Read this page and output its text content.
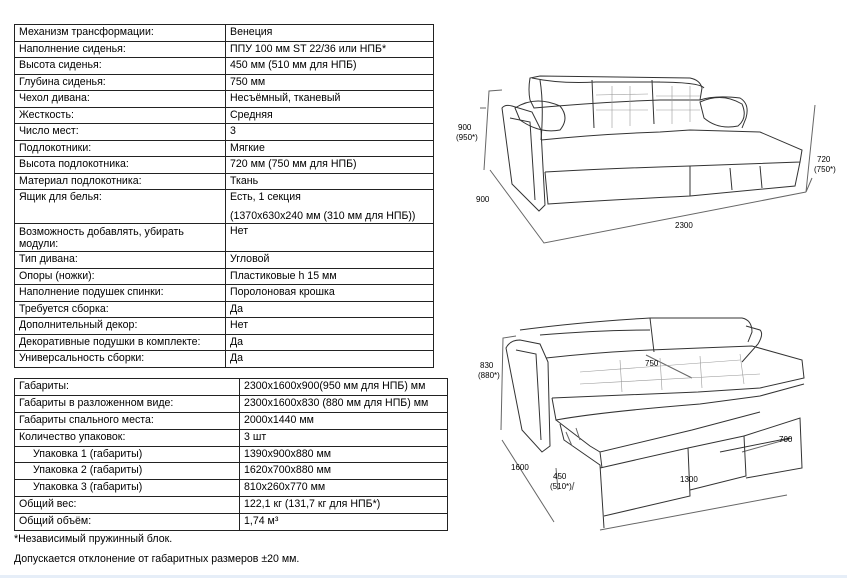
Механизм трансформации:	Венеция
Наполнение сиденья:	ППУ 100 мм ST 22/36 или НПБ*
Высота сиденья:	450 мм (510 мм для НПБ)
Глубина сиденья:	750 мм
Чехол дивана:	Несъёмный, тканевый
Жесткость:	Средняя
Число мест:	3
Подлокотники:	Мягкие
Высота подлокотника:	720 мм (750 мм для НПБ)
Материал подлокотника:	Ткань
Ящик для белья:	Есть, 1 секция
(1370х630х240 мм (310 мм для НПБ))

Возможность добавлять, убирать модули:	Нет
Тип дивана:	Угловой
Опоры (ножки):	Пластиковые h 15 мм
Наполнение подушек спинки:	Поролоновая крошка
Требуется сборка:	Да
Дополнительный декор:	Нет
Декоративные подушки в комплекте:	Да
Универсальность сборки:	Да
Габариты:	2300х1600х900(950 мм для НПБ) мм
Габариты в разложенном виде:	2300х1600х830 (880 мм для НПБ) мм
Габариты спального места:	2000х1440 мм
Количество упаковок:	3 шт
Упаковка 1 (габариты)	1390х900х880 мм
Упаковка 2 (габариты)	1620х700х880 мм
Упаковка 3 (габариты)	810х260х770 мм
Общий вес:	122,1 кг (131,7 кг для НПБ*)
Общий объём:	1,74 м³
*Независимый пружинный блок.
Допускается отклонение от габаритных размеров ±20 мм.
900
(950*)
720
(750*)
900
2300
830
(880*)
750
450
(510*)
1600
1300
700
